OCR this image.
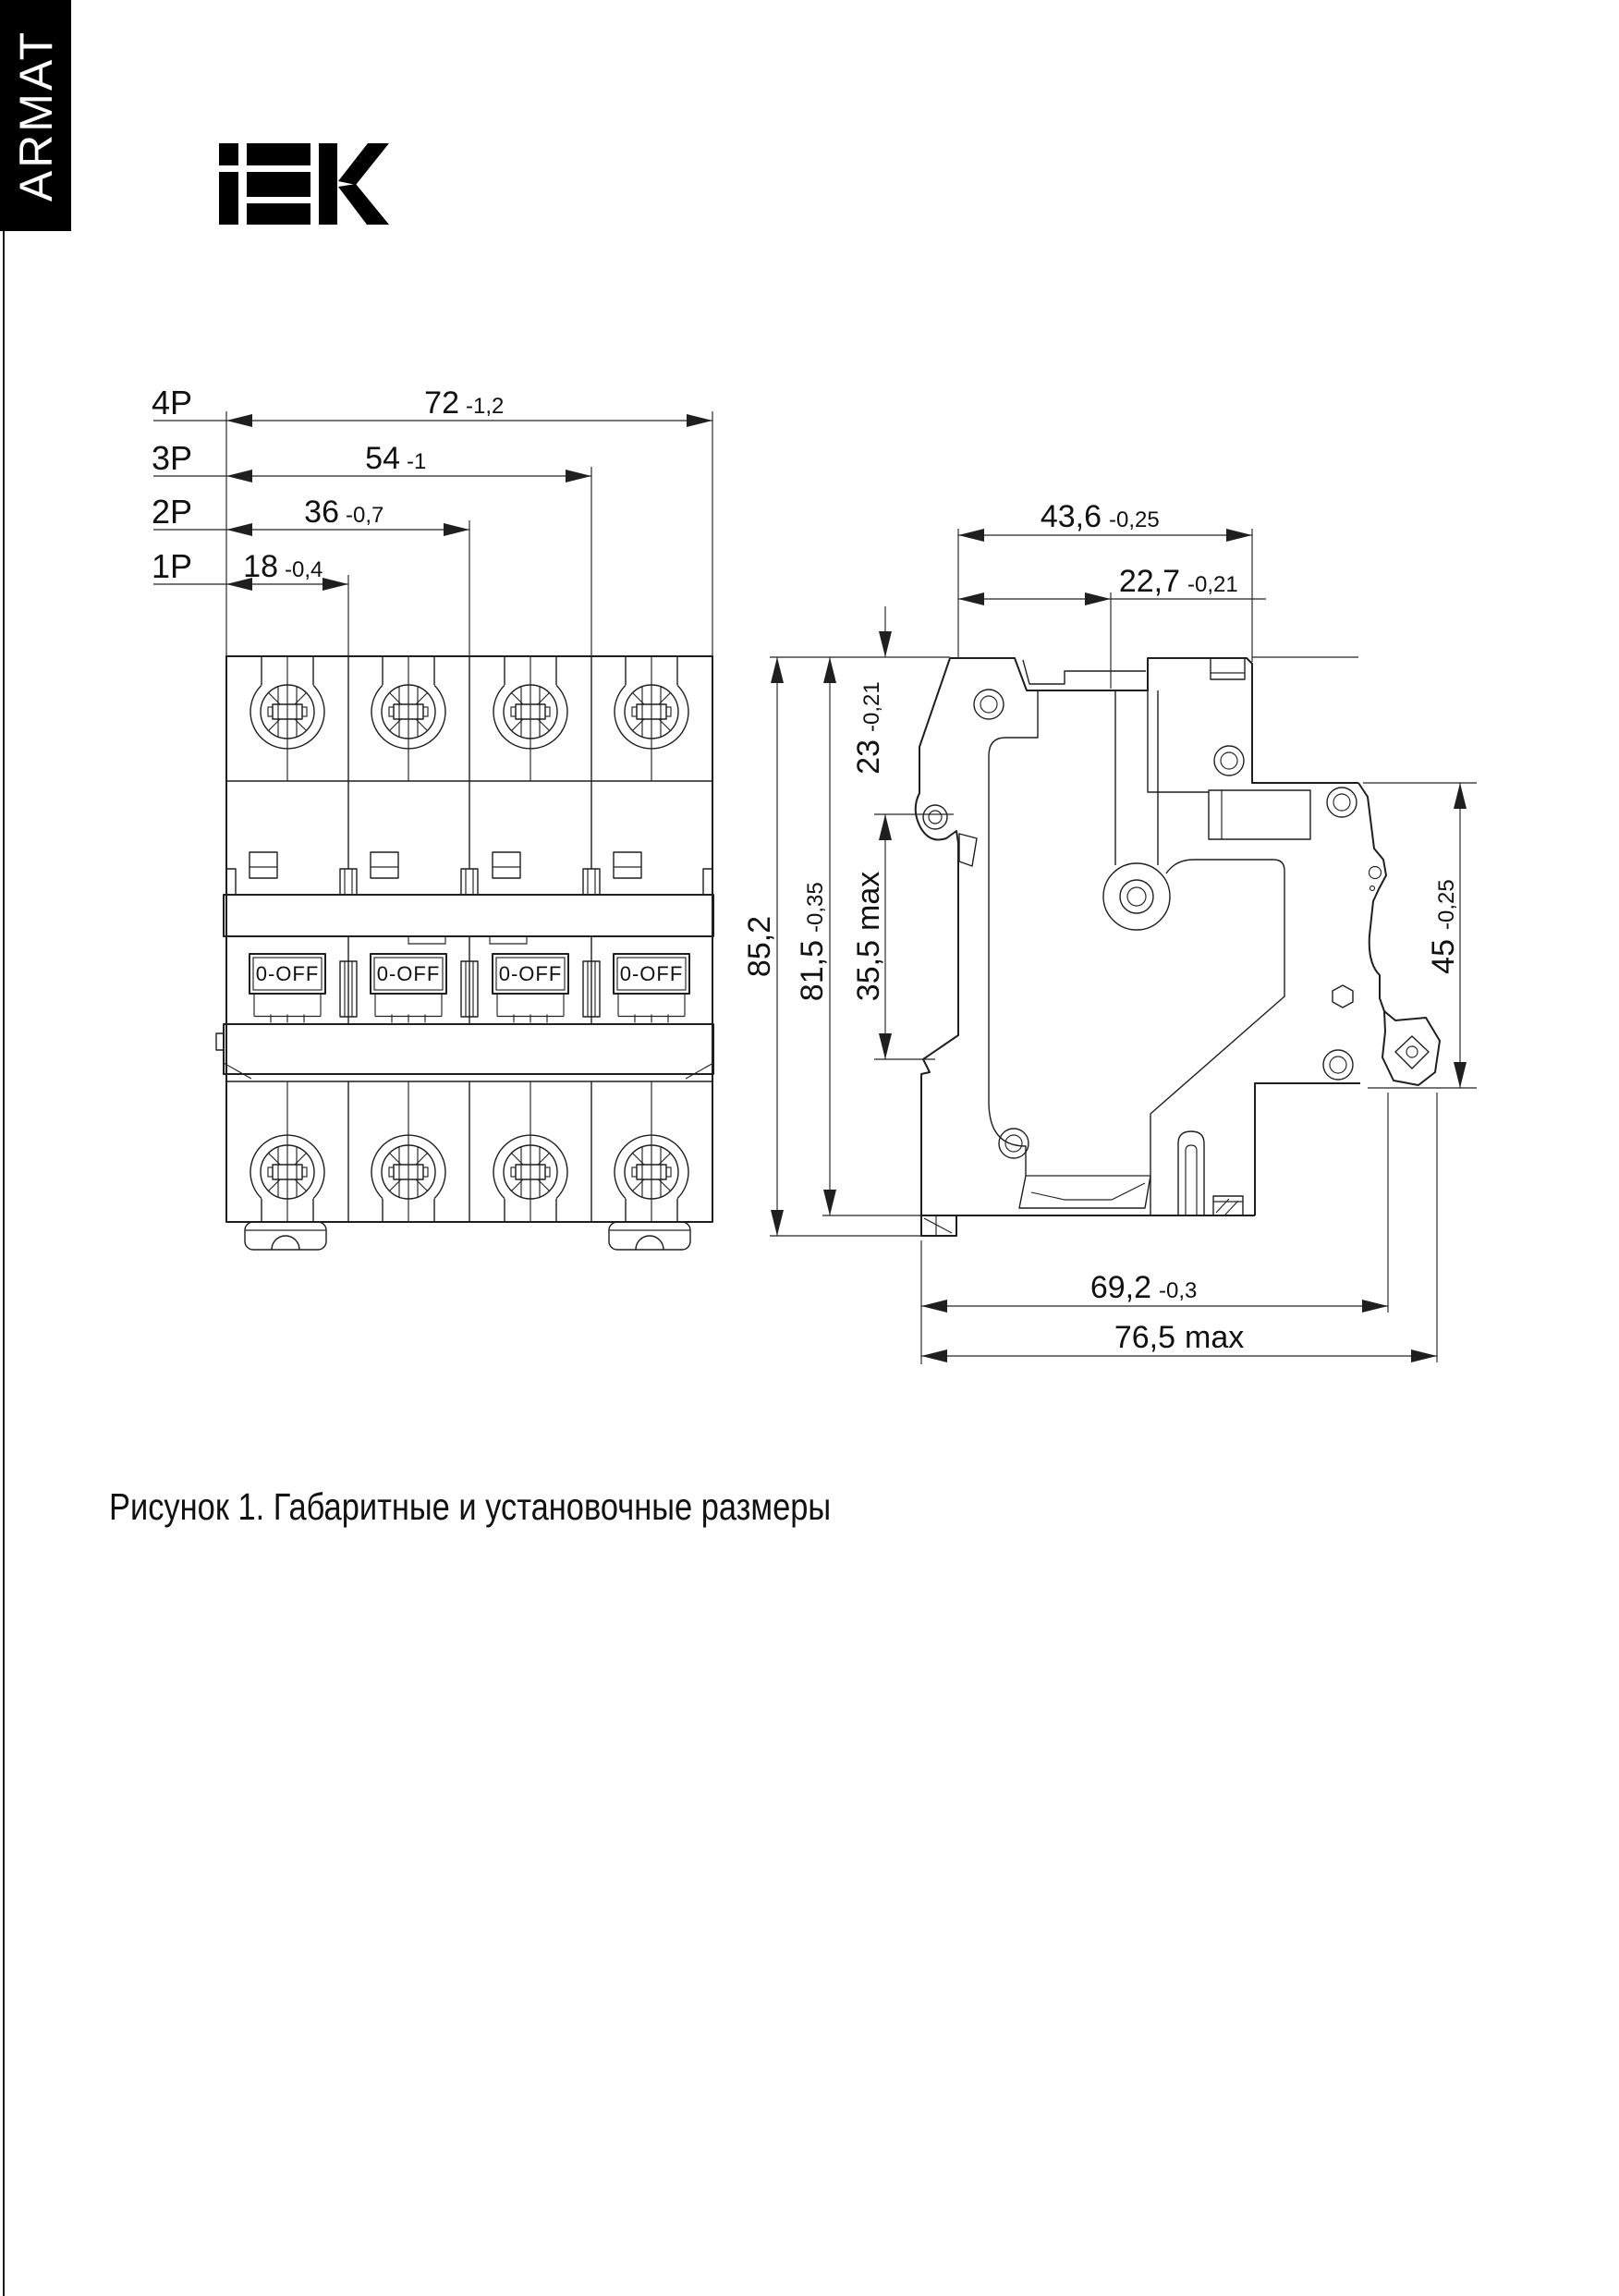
ARMAT
4P
3P
2P
1P
72 -1,2
54 -1
36 -0,7
18 -0,4
0-OFF	0-OFF	0-OFF	0-OFF
43,6 -0,25
22,7 -0,21
69,2 -0,3
76,5 max
85,2 81,5
-0,35
23
-0,21
35,5
max
45
-0,25
Рисунок 1. Габаритные и установочные размеры
